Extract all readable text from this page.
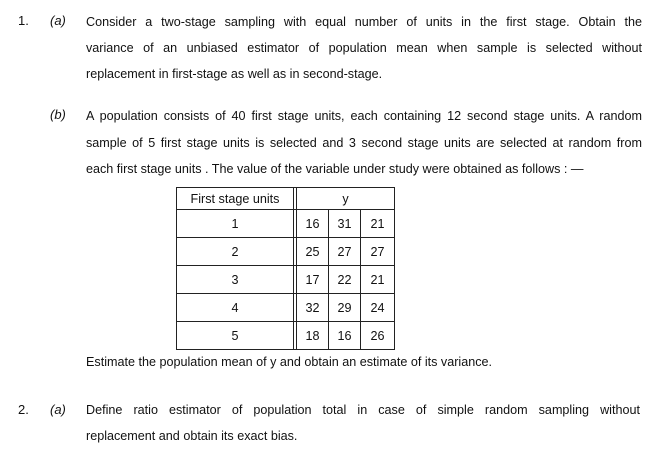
1. (a) Consider a two-stage sampling with equal number of units in the first stage. Obtain the
variance of an unbiased estimator of population mean when sample is selected without
replacement in first-stage as well as in second-stage.
(b) A population consists of 40 first stage units, each containing 12 second stage units. A random
sample of 5 first stage units is selected and 3 second stage units are selected at random from
each first stage units . The value of the variable under study were obtained as follows : —
First stage units		y		
1		16	31	21
2		25	27	27
3		17	22	21
4		32	29	24
5		18	16	26
Estimate the population mean of y and obtain an estimate of its variance.
2. (a) Define ratio estimator of population total in case of simple random sampling without
replacement and obtain its exact bias.
